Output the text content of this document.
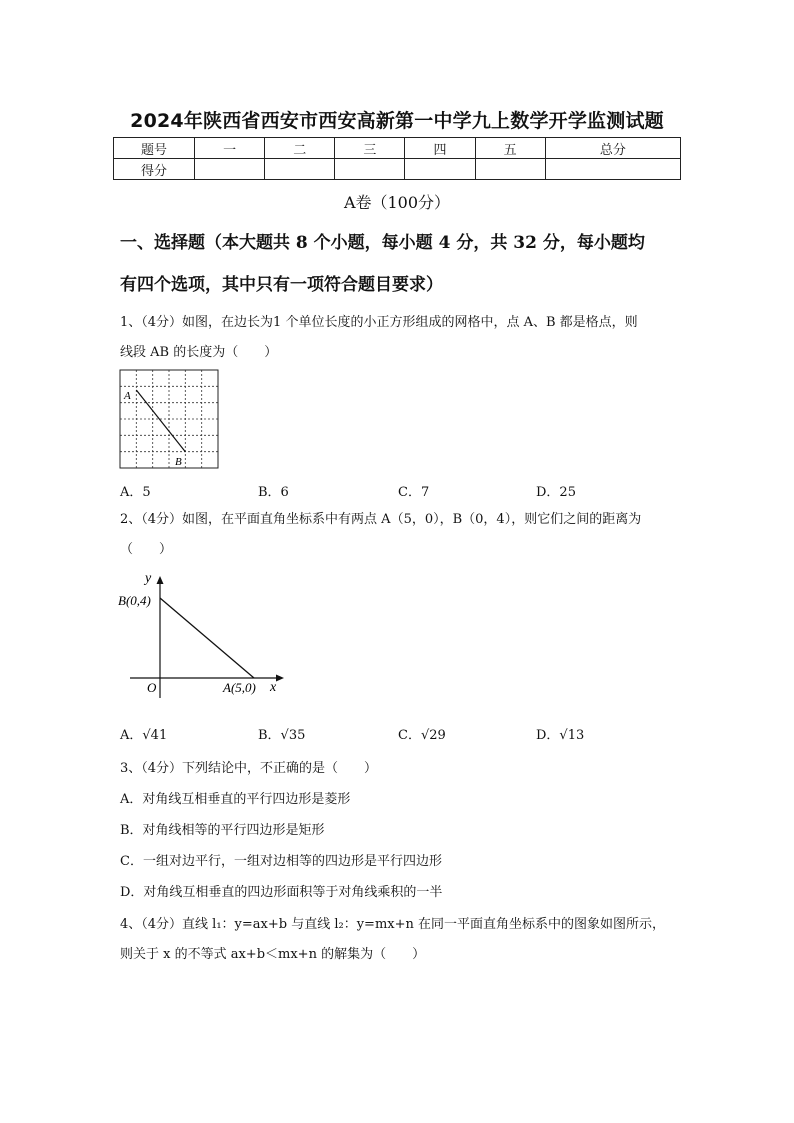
2024年陕西省西安市西安高新第一中学九上数学开学监测试题
题号	一	二	三	四	五	总分
得分						
A卷（100分）
一、选择题（本大题共 8 个小题，每小题 4 分，共 32 分，每小题均
有四个选项，其中只有一项符合题目要求）
1、（4分）如图，在边长为1 个单位长度的小正方形组成的网格中，点 A、B 都是格点，则
线段 AB 的长度为（　　）
A
B
A．5	B．6	C．7	D．25
2、（4分）如图，在平面直角坐标系中有两点 A（5，0），B（0，4），则它们之间的距离为
（　　）
y
x
O
B(0,4)
A(5,0)
A．√41	B．√35	C．√29	D．√13
3、（4分）下列结论中，不正确的是（　　）
A．对角线互相垂直的平行四边形是菱形
B．对角线相等的平行四边形是矩形
C．一组对边平行，一组对边相等的四边形是平行四边形
D．对角线互相垂直的四边形面积等于对角线乘积的一半
4、（4分）直线 l₁：y=ax+b 与直线 l₂：y=mx+n 在同一平面直角坐标系中的图象如图所示，
则关于 x 的不等式 ax+b＜mx+n 的解集为（　　）
